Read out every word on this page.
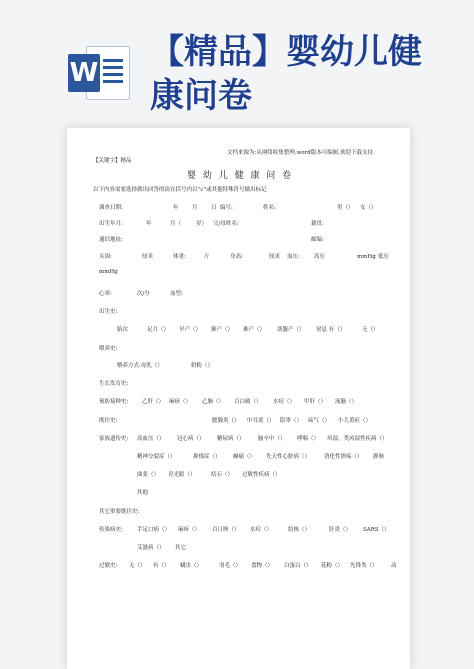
W
【精品】婴幼儿健
康问卷
文档来源为:从网络收集整理.word版本可编辑.欢迎下载支持.
【关键字】精品
婴 幼 儿 健 康 问 卷
以下内容需要选择做出回答的请在括号内以"√"或其他特殊符号做出标记
调查日期:	年 月 日 编号:	姓名:	男（） 女（）
出生年月:	年	月（	岁） 父/母姓名:	籍贯:
通信地址:	邮编:
头围:	厘米	体重:	斤	身高:	厘米 血压:	高压	mmHg 低压
mmHg
心率:	次/分	血型:
出生史:
胎次	足月（） 早产（） 顺产（） 难产（） 剖腹产（） 窒息 有（）	无（）
喂养史:
喂养方式:母乳（）	奶粉（）
生长发育史:
预防接种史: 乙肝（） 麻疹（） 乙脑（） 百白破（） 水痘（） 甲肝（） 流脑（）
既往史:	腮腺炎（） 中耳炎（） 隐睾（） 疝气（） 小儿黄疸（）
家族遗传史: 高血压（） 冠心病（） 糖尿病（） 脑卒中（） 哮喘（） 风湿，类风湿性疾病（）
精神分裂症（）	抑郁症（） 癫痫（） 先天性心脏病（）	消化性溃疡（） 静脉
曲张（） 青光眼（）	结石（） 过敏性疾病（）
其他
其它重要既往史:
传染病史:	手足口病（） 麻疹（） 百日咳（） 水痘（）	结核（）	肝炎（） SARS（）
艾滋病（） 其它
过敏史: 无（） 有（） 螨虫（）	羽毛（） 食物（） 白蛋白（） 花粉（） 先锋类（） 动
